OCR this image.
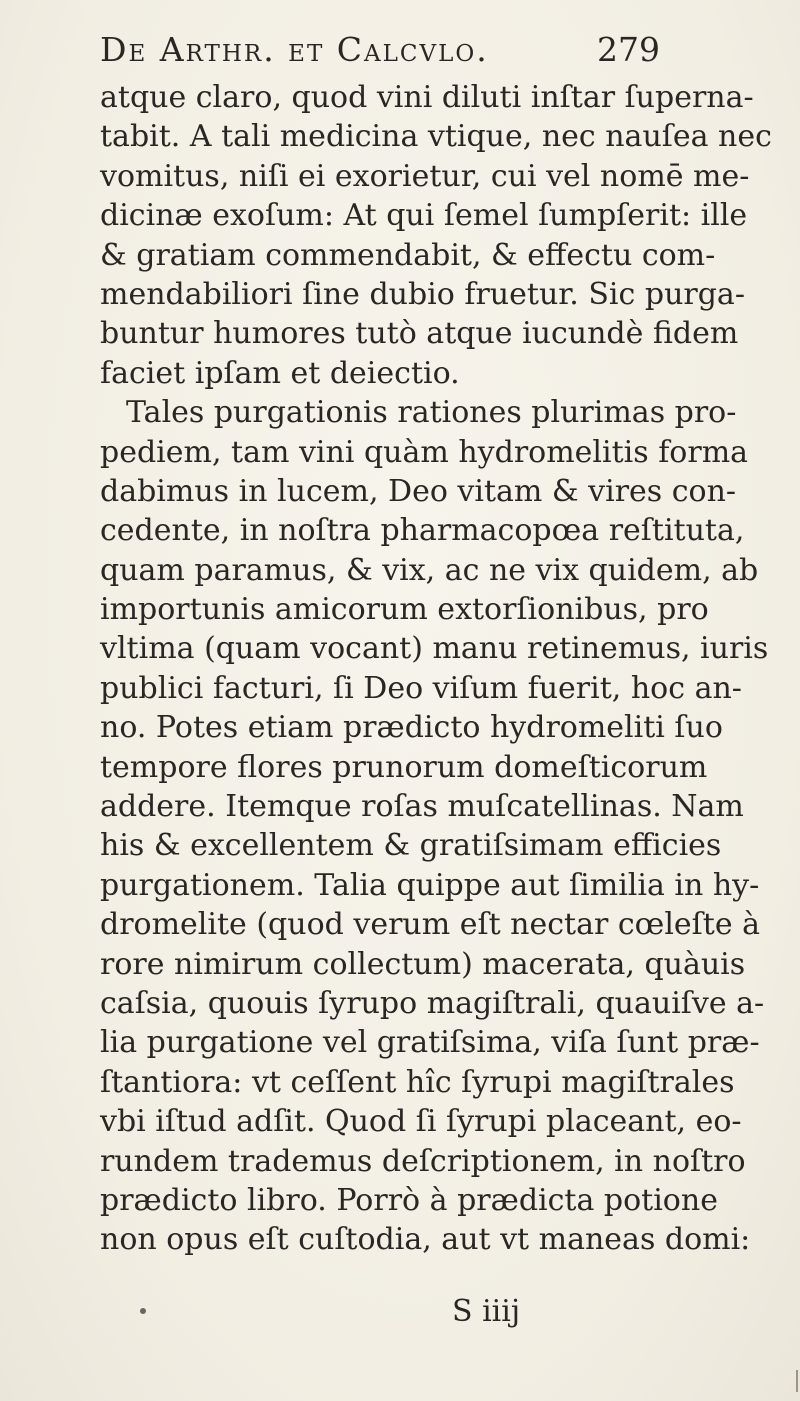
De Arthr. et Calcvlo.	279
atque claro, quod vini diluti inſtar ſuperna-
tabit. A tali medicina vtique, nec nauſea nec
vomitus, niſi ei exorietur, cui vel nomē me-
dicinæ exoſum: At qui ſemel ſumpſerit: ille
& gratiam commendabit, & effectu com-
mendabiliori ſine dubio fruetur. Sic purga-
buntur humores tutò atque iucundè fidem
faciet ipſam et deiectio.
Tales purgationis rationes plurimas pro-
pediem, tam vini quàm hydromelitis forma
dabimus in lucem, Deo vitam & vires con-
cedente, in noſtra pharmacopœa reſtituta,
quam paramus, & vix, ac ne vix quidem, ab
importunis amicorum extorſionibus, pro
vltima (quam vocant) manu retinemus, iuris
publici facturi, ſi Deo viſum fuerit, hoc an-
no. Potes etiam prædicto hydromeliti ſuo
tempore flores prunorum domeſticorum
addere. Itemque roſas muſcatellinas. Nam
his & excellentem & gratiſsimam efficies
purgationem. Talia quippe aut ſimilia in hy-
dromelite (quod verum eſt nectar cœleſte à
rore nimirum collectum) macerata, quàuis
caſsia, quouis ſyrupo magiſtrali, quauiſve a-
lia purgatione vel gratiſsima, viſa ſunt præ-
ſtantiora: vt ceſſent hîc ſyrupi magiſtrales
vbi iſtud adſit. Quod ſi ſyrupi placeant, eo-
rundem trademus deſcriptionem, in noſtro
prædicto libro. Porrò à prædicta potione
non opus eſt cuſtodia, aut vt maneas domi:
S iiij
